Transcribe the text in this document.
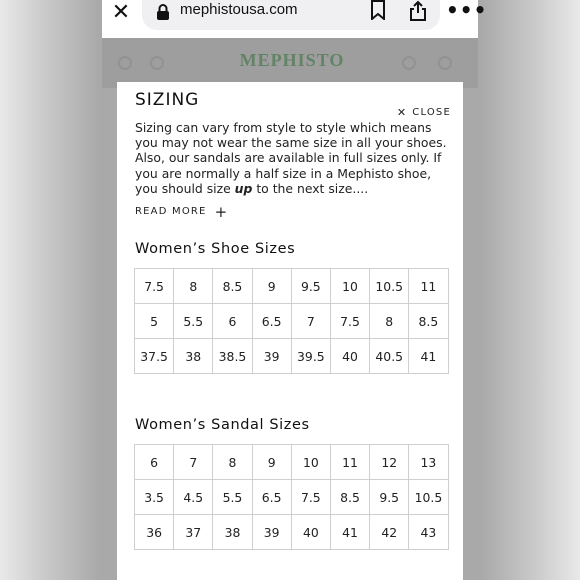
✕	mephistousa.com	•••
MEPHISTO
SIZING
✕ CLOSE
Sizing can vary from style to style which means you may not wear the same size in all your shoes. Also, our sandals are available in full sizes only. If you are normally a half size in a Mephisto shoe, you should size up to the next size....
READ MORE +
Women’s Shoe Sizes
7.5	8	8.5	9	9.5	10	10.5	11
5	5.5	6	6.5	7	7.5	8	8.5
37.5	38	38.5	39	39.5	40	40.5	41
Women’s Sandal Sizes
6	7	8	9	10	11	12	13
3.5	4.5	5.5	6.5	7.5	8.5	9.5	10.5
36	37	38	39	40	41	42	43
